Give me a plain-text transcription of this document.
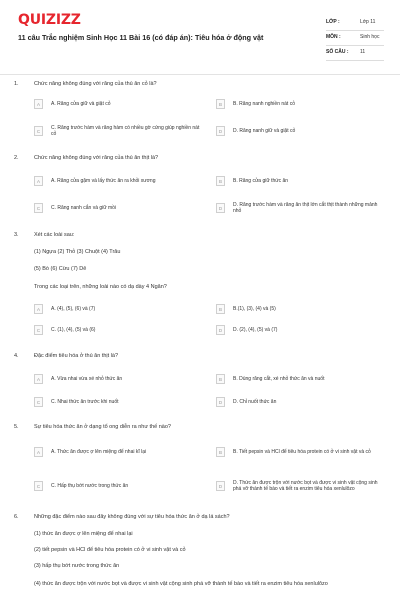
QUIZIZZ
11 câu Trắc nghiệm Sinh Học 11 Bài 16 (có đáp án): Tiêu hóa ở động vật
LỚP :	Lớp 11
MÔN :	Sinh học
SỐ CÂU : 11
1.	Chức năng không đúng với răng của thú ăn cỏ là?
A	A. Răng cửa giữ và giật cỏ	B	B. Răng nanh nghiền nát cỏ
C	C. Răng trước hàm và răng hàm có nhiều gờ cứng giúp nghiền nát cỏ	D	D. Răng nanh giữ và giật cỏ
2.	Chức năng không đúng với răng của thú ăn thịt là?
A	A. Răng cửa gặm và lấy thức ăn ra khỏi xương	B	B. Răng cửa giữ thức ăn
C	C. Răng nanh cắn và giữ mồi	D	D. Răng trước hàm và răng ăn thịt lớn cắt thịt thành những mảnh nhỏ
3.	Xét các loài sau:
(1) Ngựa (2) Thỏ (3) Chuột (4) Trâu
(5) Bò (6) Cừu (7) Dê
Trong các loại trên, những loài nào có dạ dày 4 Ngăn?
A	A. (4), (5), (6) và (7)	B	B.(1), (3), (4) và (5)
C	C. (1), (4), (5) và (6)	D	D. (2), (4), (5) và (7)
4.	Đặc điểm tiêu hóa ở thú ăn thịt là?
A	A. Vừa nhai vừa xé nhỏ thức ăn	B	B. Dùng răng cắt, xé nhỏ thức ăn và nuốt
C	C. Nhai thức ăn trước khi nuốt	D	D. Chỉ nuốt thức ăn
5.	Sự tiêu hóa thức ăn ở dạng tổ ong diễn ra như thế nào?
A	A. Thức ăn được ợ lên miệng để nhai kĩ lại	B	B. Tiết pepsin và HCl để tiêu hóa protein có ở vi sinh vật và cỏ
C	C. Hấp thụ bớt nước trong thức ăn	D	D. Thức ăn được trộn với nước bọt và được vi sinh vật cộng sinh phá vỡ thành tế bào và tiết ra enzim tiêu hóa xenlulôzo
6.	Những đặc điểm nào sau đây không đúng với sự tiêu hóa thức ăn ở dạ lá sách?
(1) thức ăn được ợ lên miệng để nhai lại
(2) tiết pepsin và HCl để tiêu hóa protein có ở vi sinh vật và cỏ
(3) hấp thụ bớt nước trong thức ăn
(4) thức ăn được trộn với nước bọt và được vi sinh vật cộng sinh phá vỡ thành tế bào và tiết ra enzim tiêu hóa xenlulôzo
